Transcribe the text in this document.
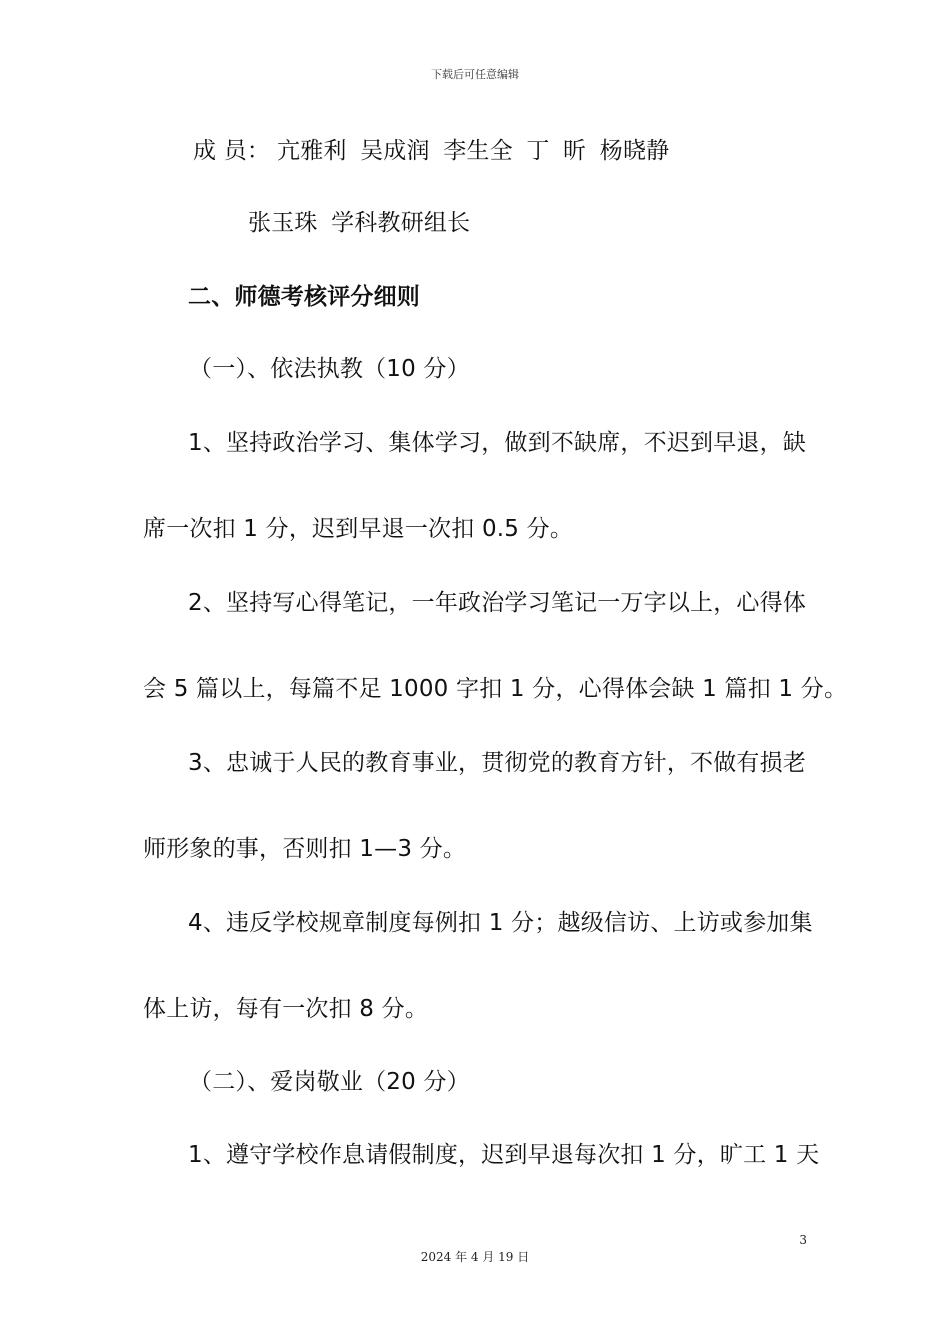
下载后可任意编辑
成 员： 亢雅利 吴成润 李生全 丁 昕 杨晓静
张玉珠 学科教研组长
二、师德考核评分细则
（一）、依法执教（10 分）
1、坚持政治学习、集体学习，做到不缺席，不迟到早退，缺
席一次扣 1 分，迟到早退一次扣 0.5 分。
2、坚持写心得笔记，一年政治学习笔记一万字以上，心得体
会 5 篇以上，每篇不足 1000 字扣 1 分，心得体会缺 1 篇扣 1 分。
3、忠诚于人民的教育事业，贯彻党的教育方针，不做有损老
师形象的事，否则扣 1—3 分。
4、违反学校规章制度每例扣 1 分；越级信访、上访或参加集
体上访，每有一次扣 8 分。
（二）、爱岗敬业（20 分）
1、遵守学校作息请假制度，迟到早退每次扣 1 分，旷工 1 天
3
2024 年 4 月 19 日
